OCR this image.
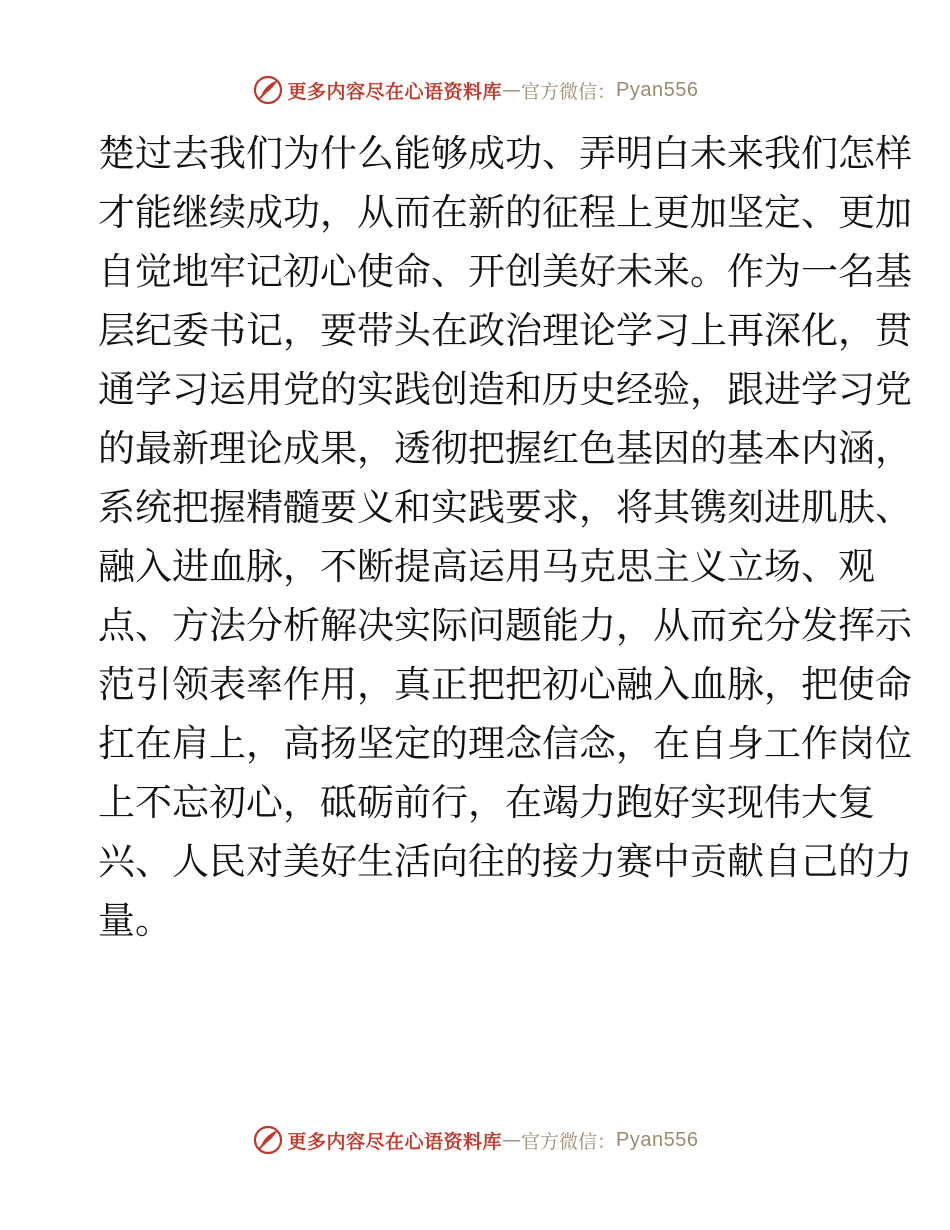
更多内容尽在心语资料库 — 官方微信： Pyan556
楚过去我们为什么能够成功、弄明白未来我们怎样
才能继续成功，从而在新的征程上更加坚定、更加
自觉地牢记初心使命、开创美好未来。作为一名基
层纪委书记，要带头在政治理论学习上再深化，贯
通学习运用党的实践创造和历史经验，跟进学习党
的最新理论成果，透彻把握红色基因的基本内涵，
系统把握精髓要义和实践要求，将其镌刻进肌肤、
融入进血脉，不断提高运用马克思主义立场、观
点、方法分析解决实际问题能力，从而充分发挥示
范引领表率作用，真正把把初心融入血脉，把使命
扛在肩上，高扬坚定的理念信念，在自身工作岗位
上不忘初心，砥砺前行，在竭力跑好实现伟大复
兴、人民对美好生活向往的接力赛中贡献自己的力
量。
更多内容尽在心语资料库 — 官方微信： Pyan556
